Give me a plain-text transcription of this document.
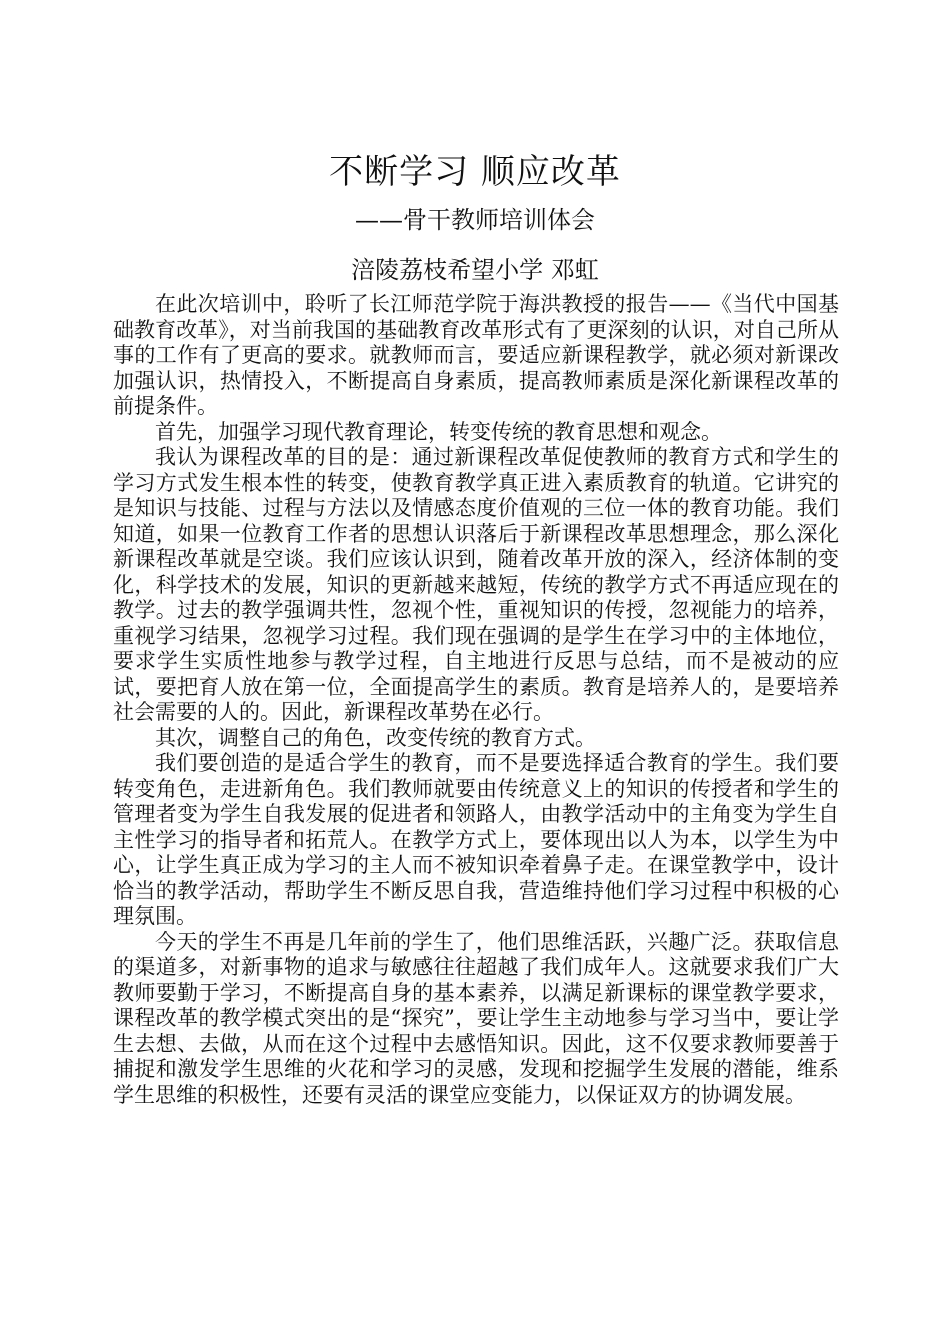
不断学习 顺应改革
——骨干教师培训体会
涪陵荔枝希望小学 邓虹

在此次培训中，聆听了长江师范学院于海洪教授的报告——《当代中国基础教育改革》，对当前我国的基础教育改革形式有了更深刻的认识，对自己所从事的工作有了更高的要求。就教师而言，要适应新课程教学，就必须对新课改加强认识，热情投入，不断提高自身素质，提高教师素质是深化新课程改革的前提条件。

首先，加强学习现代教育理论，转变传统的教育思想和观念。

我认为课程改革的目的是：通过新课程改革促使教师的教育方式和学生的学习方式发生根本性的转变，使教育教学真正进入素质教育的轨道。它讲究的是知识与技能、过程与方法以及情感态度价值观的三位一体的教育功能。我们知道，如果一位教育工作者的思想认识落后于新课程改革思想理念，那么深化新课程改革就是空谈。我们应该认识到，随着改革开放的深入，经济体制的变化，科学技术的发展，知识的更新越来越短，传统的教学方式不再适应现在的教学。过去的教学强调共性，忽视个性，重视知识的传授，忽视能力的培养，重视学习结果，忽视学习过程。我们现在强调的是学生在学习中的主体地位，要求学生实质性地参与教学过程，自主地进行反思与总结，而不是被动的应试，要把育人放在第一位，全面提高学生的素质。教育是培养人的，是要培养社会需要的人的。因此，新课程改革势在必行。

其次，调整自己的角色，改变传统的教育方式。

我们要创造的是适合学生的教育，而不是要选择适合教育的学生。我们要转变角色，走进新角色。我们教师就要由传统意义上的知识的传授者和学生的管理者变为学生自我发展的促进者和领路人，由教学活动中的主角变为学生自主性学习的指导者和拓荒人。在教学方式上，要体现出以人为本，以学生为中心，让学生真正成为学习的主人而不被知识牵着鼻子走。在课堂教学中，设计恰当的教学活动，帮助学生不断反思自我，营造维持他们学习过程中积极的心理氛围。

今天的学生不再是几年前的学生了，他们思维活跃，兴趣广泛。获取信息的渠道多，对新事物的追求与敏感往往超越了我们成年人。这就要求我们广大教师要勤于学习，不断提高自身的基本素养，以满足新课标的课堂教学要求，课程改革的教学模式突出的是“探究”，要让学生主动地参与学习当中，要让学生去想、去做，从而在这个过程中去感悟知识。因此，这不仅要求教师要善于捕捉和激发学生思维的火花和学习的灵感，发现和挖掘学生发展的潜能，维系学生思维的积极性，还要有灵活的课堂应变能力，以保证双方的协调发展。
